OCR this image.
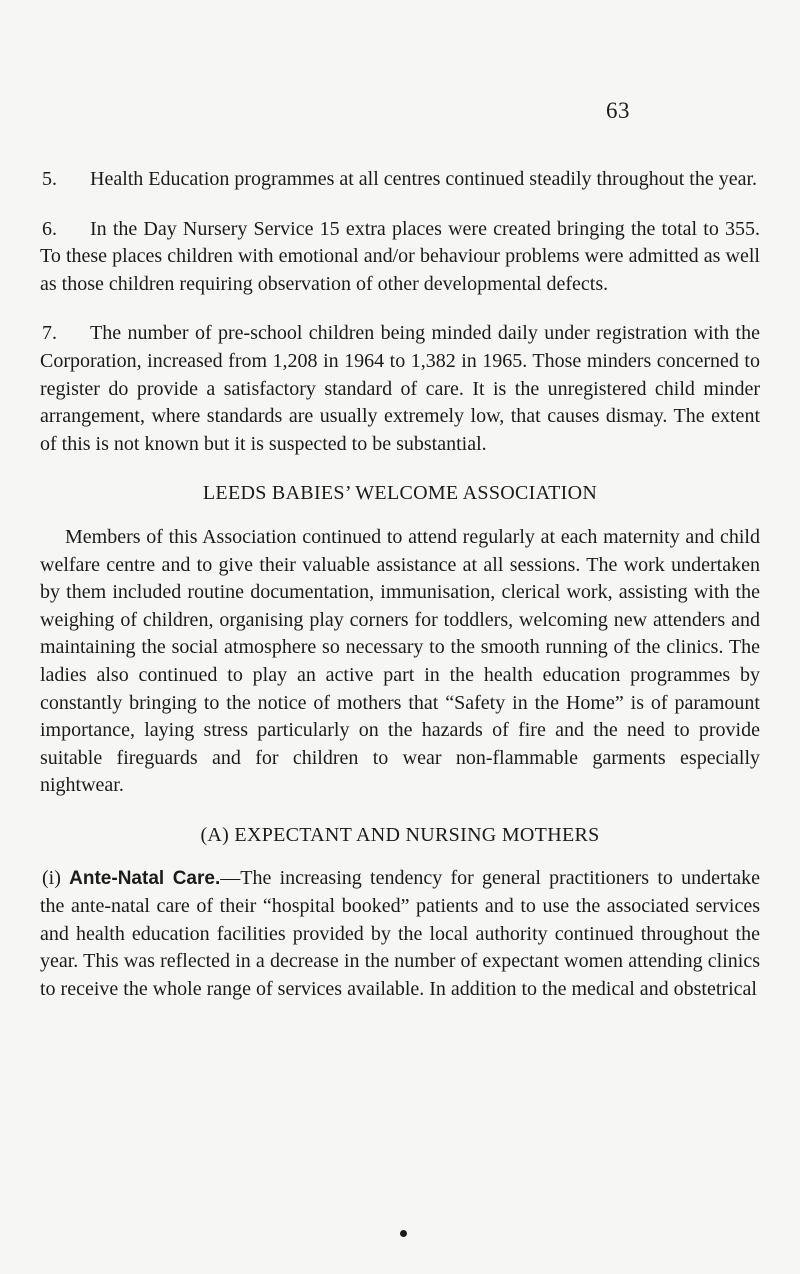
63

5. Health Education programmes at all centres continued steadily throughout the year.

6. In the Day Nursery Service 15 extra places were created bringing the total to 355. To these places children with emotional and/or behaviour problems were admitted as well as those children requiring observation of other developmental defects.

7. The number of pre-school children being minded daily under registration with the Corporation, increased from 1,208 in 1964 to 1,382 in 1965. Those minders concerned to register do provide a satisfactory standard of care. It is the unregistered child minder arrangement, where standards are usually extremely low, that causes dismay. The extent of this is not known but it is suspected to be substantial.

LEEDS BABIES’ WELCOME ASSOCIATION

Members of this Association continued to attend regularly at each maternity and child welfare centre and to give their valuable assistance at all sessions. The work undertaken by them included routine documentation, immunisation, clerical work, assisting with the weighing of children, organising play corners for toddlers, welcoming new attenders and maintaining the social atmosphere so necessary to the smooth running of the clinics. The ladies also continued to play an active part in the health education programmes by constantly bringing to the notice of mothers that “Safety in the Home” is of paramount importance, laying stress particularly on the hazards of fire and the need to provide suitable fireguards and for children to wear non-flammable garments especially nightwear.

(A) EXPECTANT AND NURSING MOTHERS

(i) Ante-Natal Care.—The increasing tendency for general practitioners to undertake the ante-natal care of their “hospital booked” patients and to use the associated services and health education facilities provided by the local authority continued throughout the year. This was reflected in a decrease in the number of expectant women attending clinics to receive the whole range of services available. In addition to the medical and obstetrical
